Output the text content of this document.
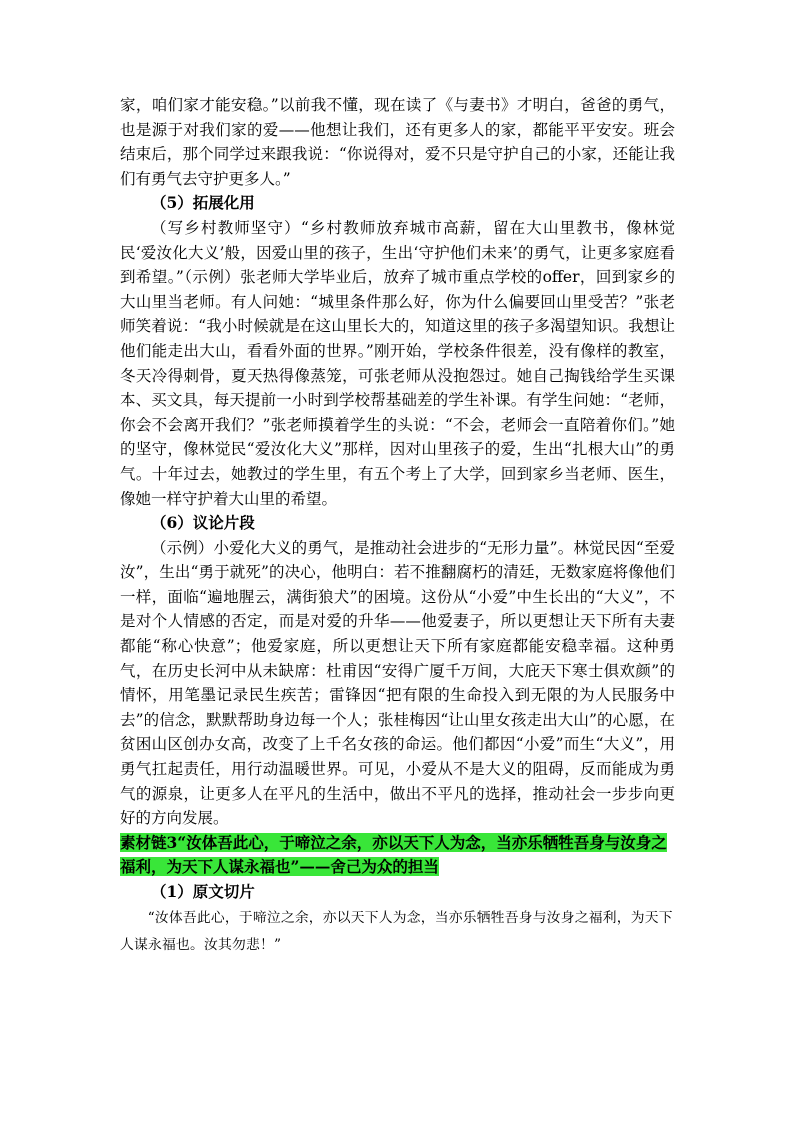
家，咱们家才能安稳。”以前我不懂，现在读了《与妻书》才明白，爸爸的勇气，也是源于对我们家的爱——他想让我们，还有更多人的家，都能平平安安。班会结束后，那个同学过来跟我说：“你说得对，爱不只是守护自己的小家，还能让我们有勇气去守护更多人。”

（5）拓展化用

（写乡村教师坚守）“乡村教师放弃城市高薪，留在大山里教书，像林觉民‘爱汝化大义’般，因爱山里的孩子，生出‘守护他们未来’的勇气，让更多家庭看到希望。”（示例）张老师大学毕业后，放弃了城市重点学校的offer，回到家乡的大山里当老师。有人问她：“城里条件那么好，你为什么偏要回山里受苦？”张老师笑着说：“我小时候就是在这山里长大的，知道这里的孩子多渴望知识。我想让他们能走出大山，看看外面的世界。”刚开始，学校条件很差，没有像样的教室，冬天冷得刺骨，夏天热得像蒸笼，可张老师从没抱怨过。她自己掏钱给学生买课本、买文具，每天提前一小时到学校帮基础差的学生补课。有学生问她：“老师，你会不会离开我们？”张老师摸着学生的头说：“不会，老师会一直陪着你们。”她的坚守，像林觉民“爱汝化大义”那样，因对山里孩子的爱，生出“扎根大山”的勇气。十年过去，她教过的学生里，有五个考上了大学，回到家乡当老师、医生，像她一样守护着大山里的希望。

（6）议论片段

（示例）小爱化大义的勇气，是推动社会进步的“无形力量”。林觉民因“至爱汝”，生出“勇于就死”的决心，他明白：若不推翻腐朽的清廷，无数家庭将像他们一样，面临“遍地腥云，满街狼犬”的困境。这份从“小爱”中生长出的“大义”，不是对个人情感的否定，而是对爱的升华——他爱妻子，所以更想让天下所有夫妻都能“称心快意”；他爱家庭，所以更想让天下所有家庭都能安稳幸福。这种勇气，在历史长河中从未缺席：杜甫因“安得广厦千万间，大庇天下寒士俱欢颜”的情怀，用笔墨记录民生疾苦；雷锋因“把有限的生命投入到无限的为人民服务中去”的信念，默默帮助身边每一个人；张桂梅因“让山里女孩走出大山”的心愿，在贫困山区创办女高，改变了上千名女孩的命运。他们都因“小爱”而生“大义”，用勇气扛起责任，用行动温暖世界。可见，小爱从不是大义的阻碍，反而能成为勇气的源泉，让更多人在平凡的生活中，做出不平凡的选择，推动社会一步步向更好的方向发展。

素材链3“汝体吾此心，于啼泣之余，亦以天下人为念，当亦乐牺牲吾身与汝身之福利，为天下人谋永福也”——舍己为众的担当

（1）原文切片

“汝体吾此心，于啼泣之余，亦以天下人为念，当亦乐牺牲吾身与汝身之福利，为天下人谋永福也。汝其勿悲！”
